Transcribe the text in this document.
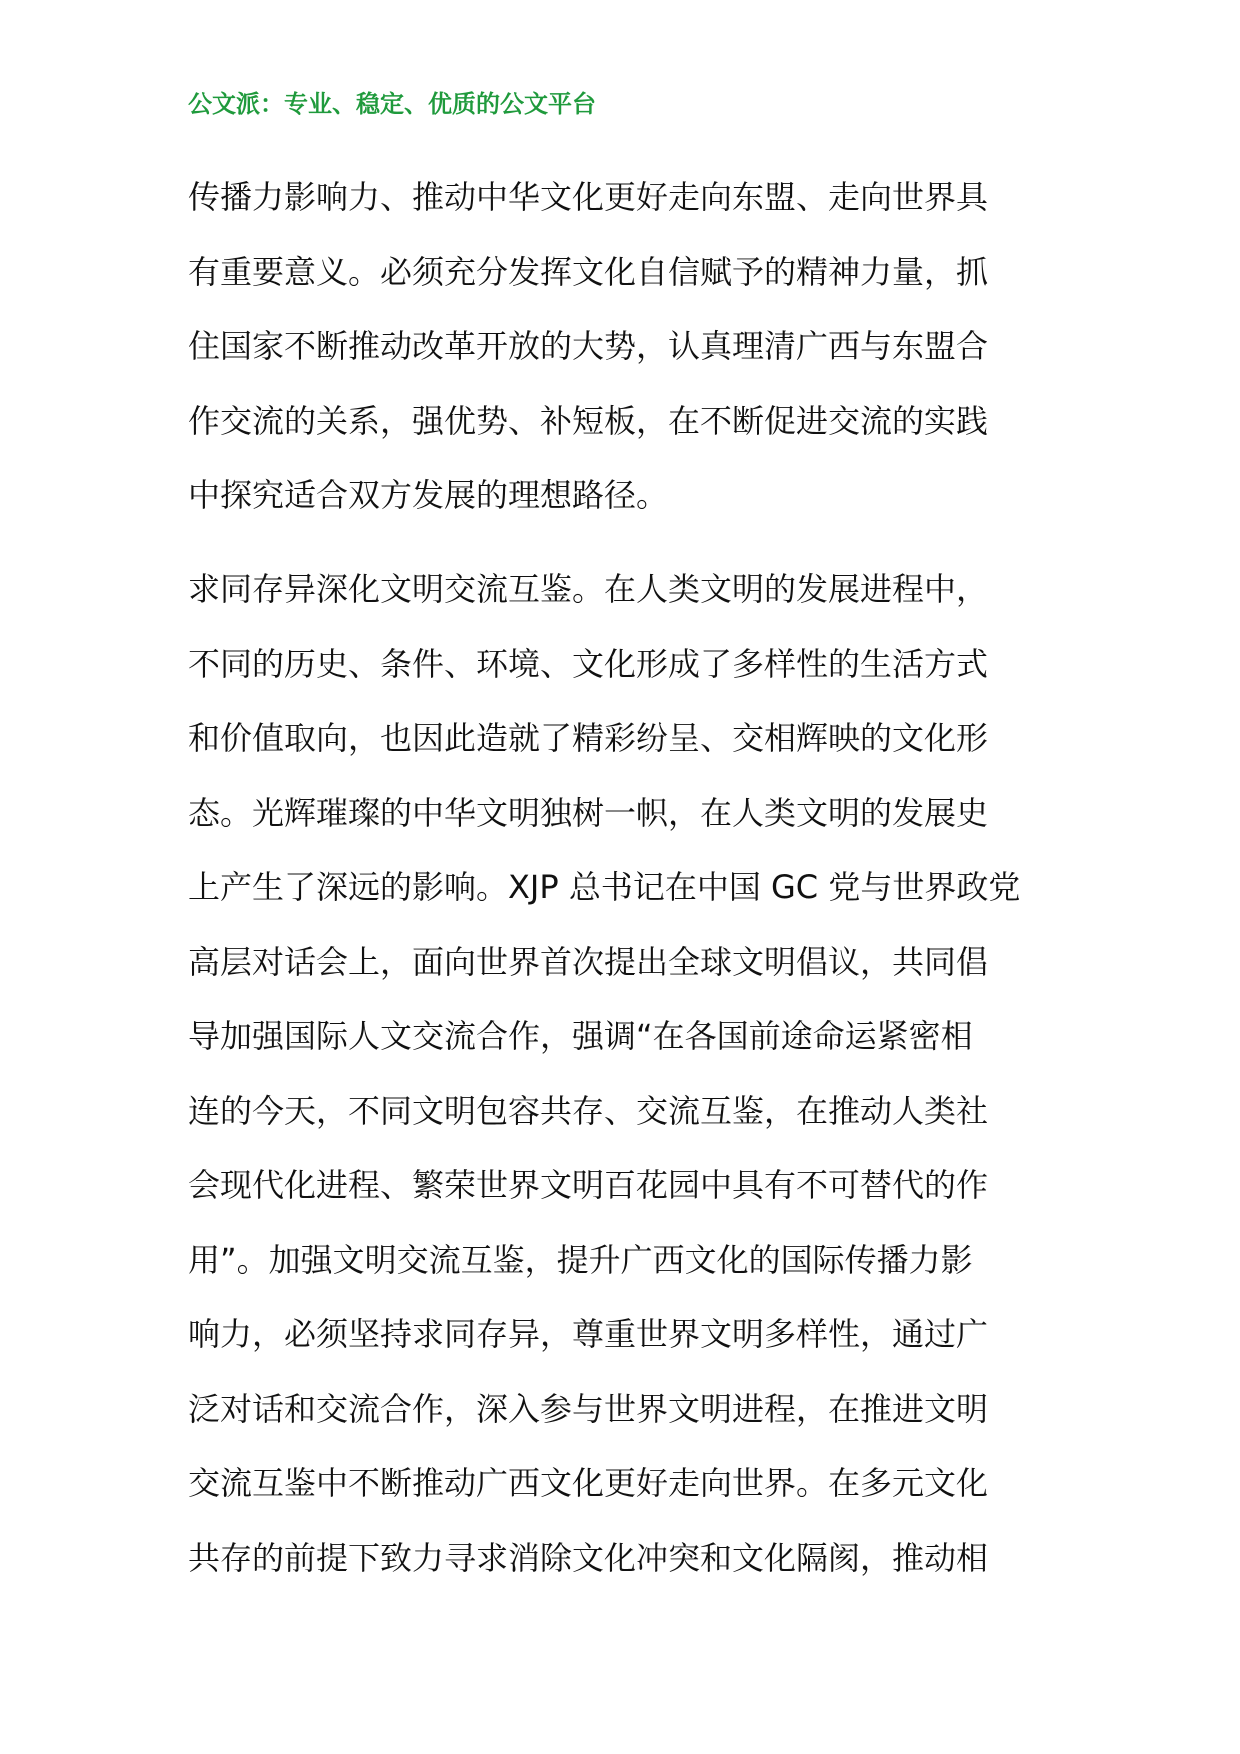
公文派：专业、稳定、优质的公文平台
传播力影响力、推动中华文化更好走向东盟、走向世界具
有重要意义。必须充分发挥文化自信赋予的精神力量，抓
住国家不断推动改革开放的大势，认真理清广西与东盟合
作交流的关系，强优势、补短板，在不断促进交流的实践
中探究适合双方发展的理想路径。
求同存异深化文明交流互鉴。在人类文明的发展进程中，
不同的历史、条件、环境、文化形成了多样性的生活方式
和价值取向，也因此造就了精彩纷呈、交相辉映的文化形
态。光辉璀璨的中华文明独树一帜，在人类文明的发展史
上产生了深远的影响。XJP 总书记在中国 GC 党与世界政党
高层对话会上，面向世界首次提出全球文明倡议，共同倡
导加强国际人文交流合作，强调“在各国前途命运紧密相
连的今天，不同文明包容共存、交流互鉴，在推动人类社
会现代化进程、繁荣世界文明百花园中具有不可替代的作
用”。加强文明交流互鉴，提升广西文化的国际传播力影
响力，必须坚持求同存异，尊重世界文明多样性，通过广
泛对话和交流合作，深入参与世界文明进程，在推进文明
交流互鉴中不断推动广西文化更好走向世界。在多元文化
共存的前提下致力寻求消除文化冲突和文化隔阂，推动相
